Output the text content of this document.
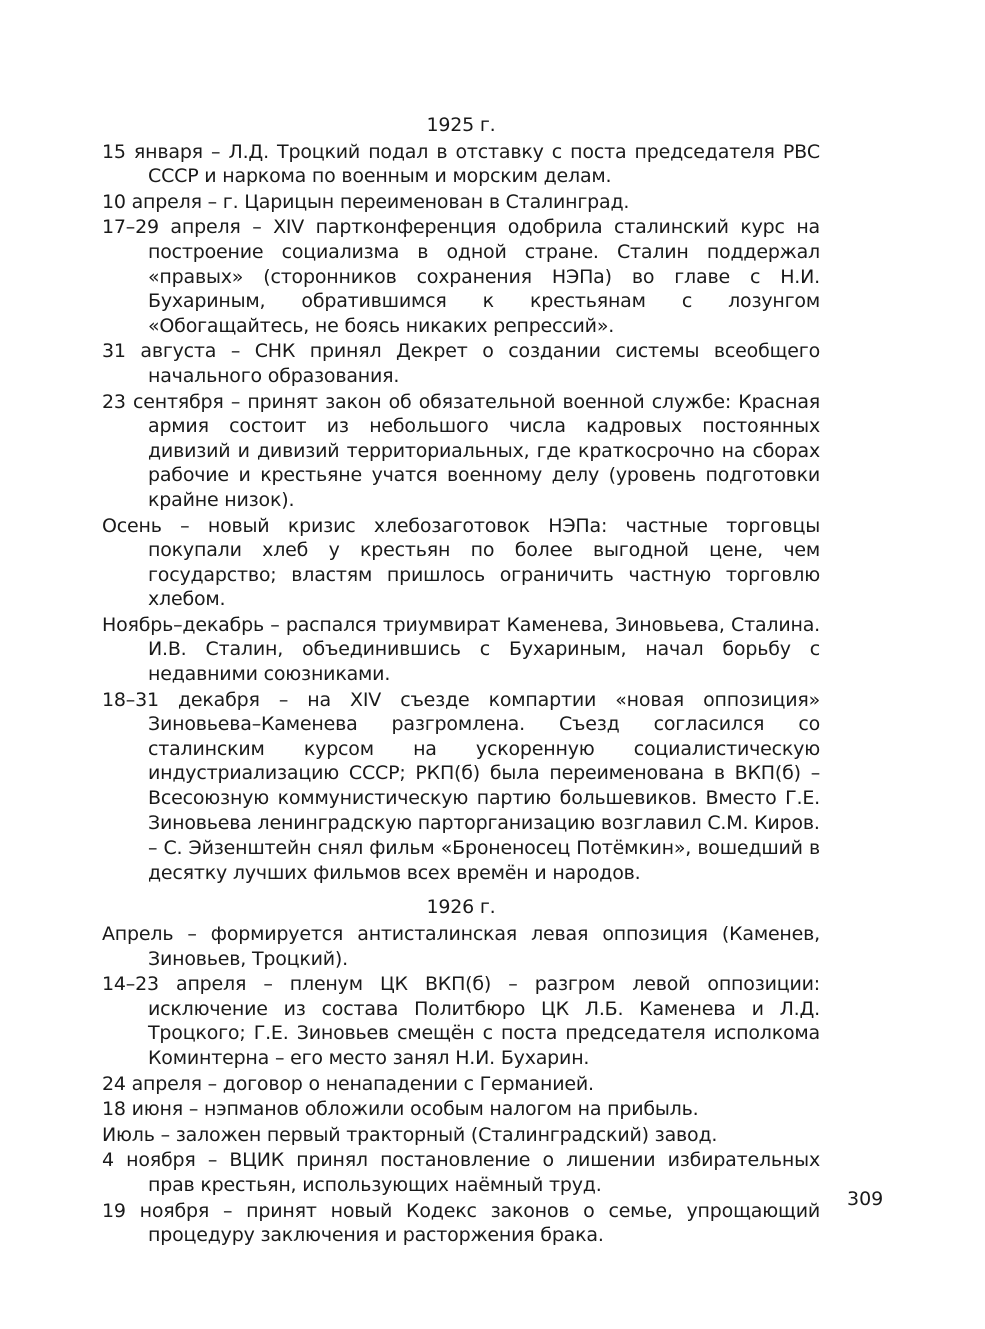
1925 г.

15 января – Л.Д. Троцкий подал в отставку с поста председателя РВС СССР и наркома по военным и морским делам.

10 апреля – г. Царицын переименован в Сталинград.

17–29 апреля – XIV партконференция одобрила сталинский курс на построение социализма в одной стране. Сталин поддержал «правых» (сторонников сохранения НЭПа) во главе с Н.И. Бухариным, обратившимся к крестьянам с лозунгом «Обогащайтесь, не боясь никаких репрессий».

31 августа – СНК принял Декрет о создании системы всеобщего начального образования.

23 сентября – принят закон об обязательной военной службе: Красная армия состоит из небольшого числа кадровых постоянных дивизий и дивизий территориальных, где краткосрочно на сборах рабочие и крестьяне учатся военному делу (уровень подготовки крайне низок).

Осень – новый кризис хлебозаготовок НЭПа: частные торговцы покупали хлеб у крестьян по более выгодной цене, чем государство; властям пришлось ограничить частную торговлю хлебом.

Ноябрь–декабрь – распался триумвират Каменева, Зиновьева, Сталина. И.В. Сталин, объединившись с Бухариным, начал борьбу с недавними союзниками.

18–31 декабря – на XIV съезде компартии «новая оппозиция» Зиновьева–Каменева разгромлена. Съезд согласился со сталинским курсом на ускоренную социалистическую индустриализацию СССР; РКП(б) была переименована в ВКП(б) – Всесоюзную коммунистическую партию большевиков. Вместо Г.Е. Зиновьева ленинградскую парторганизацию возглавил С.М. Киров.

– С. Эйзенштейн снял фильм «Броненосец Потёмкин», вошедший в десятку лучших фильмов всех времён и народов.

1926 г.

Апрель – формируется антисталинская левая оппозиция (Каменев, Зиновьев, Троцкий).

14–23 апреля – пленум ЦК ВКП(б) – разгром левой оппозиции: исключение из состава Политбюро ЦК Л.Б. Каменева и Л.Д. Троцкого; Г.Е. Зиновьев смещён с поста председателя исполкома Коминтерна – его место занял Н.И. Бухарин.

24 апреля – договор о ненападении с Германией.

18 июня – нэпманов обложили особым налогом на прибыль.

Июль – заложен первый тракторный (Сталинградский) завод.

4 ноября – ВЦИК принял постановление о лишении избирательных прав крестьян, использующих наёмный труд.

19 ноября – принят новый Кодекс законов о семье, упрощающий процедуру заключения и расторжения брака.

309
